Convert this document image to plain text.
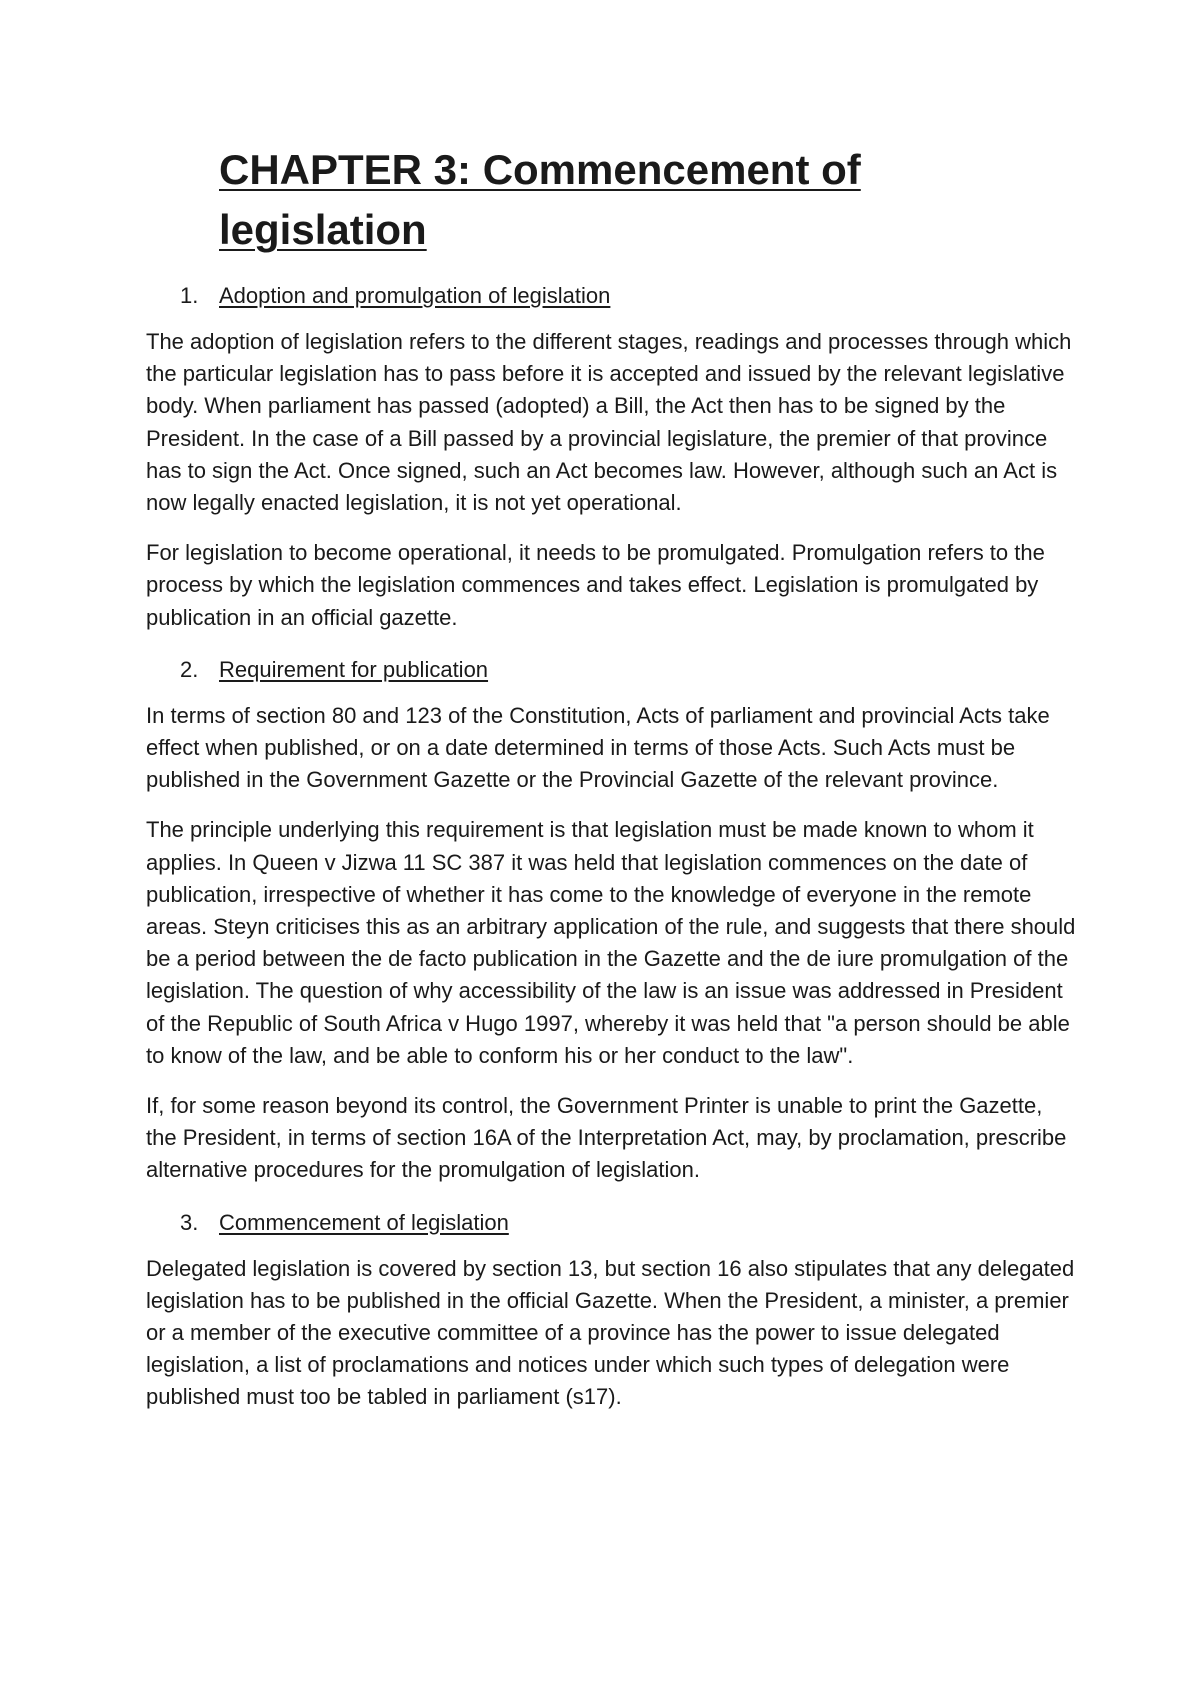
CHAPTER 3: Commencement of legislation
1. Adoption and promulgation of legislation

The adoption of legislation refers to the different stages, readings and processes through which the particular legislation has to pass before it is accepted and issued by the relevant legislative body. When parliament has passed (adopted) a Bill, the Act then has to be signed by the President. In the case of a Bill passed by a provincial legislature, the premier of that province has to sign the Act. Once signed, such an Act becomes law. However, although such an Act is now legally enacted legislation, it is not yet operational.

For legislation to become operational, it needs to be promulgated. Promulgation refers to the process by which the legislation commences and takes effect. Legislation is promulgated by publication in an official gazette.

2. Requirement for publication

In terms of section 80 and 123 of the Constitution, Acts of parliament and provincial Acts take effect when published, or on a date determined in terms of those Acts. Such Acts must be published in the Government Gazette or the Provincial Gazette of the relevant province.

The principle underlying this requirement is that legislation must be made known to whom it applies. In Queen v Jizwa 11 SC 387 it was held that legislation commences on the date of publication, irrespective of whether it has come to the knowledge of everyone in the remote areas. Steyn criticises this as an arbitrary application of the rule, and suggests that there should be a period between the de facto publication in the Gazette and the de iure promulgation of the legislation. The question of why accessibility of the law is an issue was addressed in President of the Republic of South Africa v Hugo 1997, whereby it was held that "a person should be able to know of the law, and be able to conform his or her conduct to the law".

If, for some reason beyond its control, the Government Printer is unable to print the Gazette, the President, in terms of section 16A of the Interpretation Act, may, by proclamation, prescribe alternative procedures for the promulgation of legislation.

3. Commencement of legislation

Delegated legislation is covered by section 13, but section 16 also stipulates that any delegated legislation has to be published in the official Gazette. When the President, a minister, a premier or a member of the executive committee of a province has the power to issue delegated legislation, a list of proclamations and notices under which such types of delegation were published must too be tabled in parliament (s17).
